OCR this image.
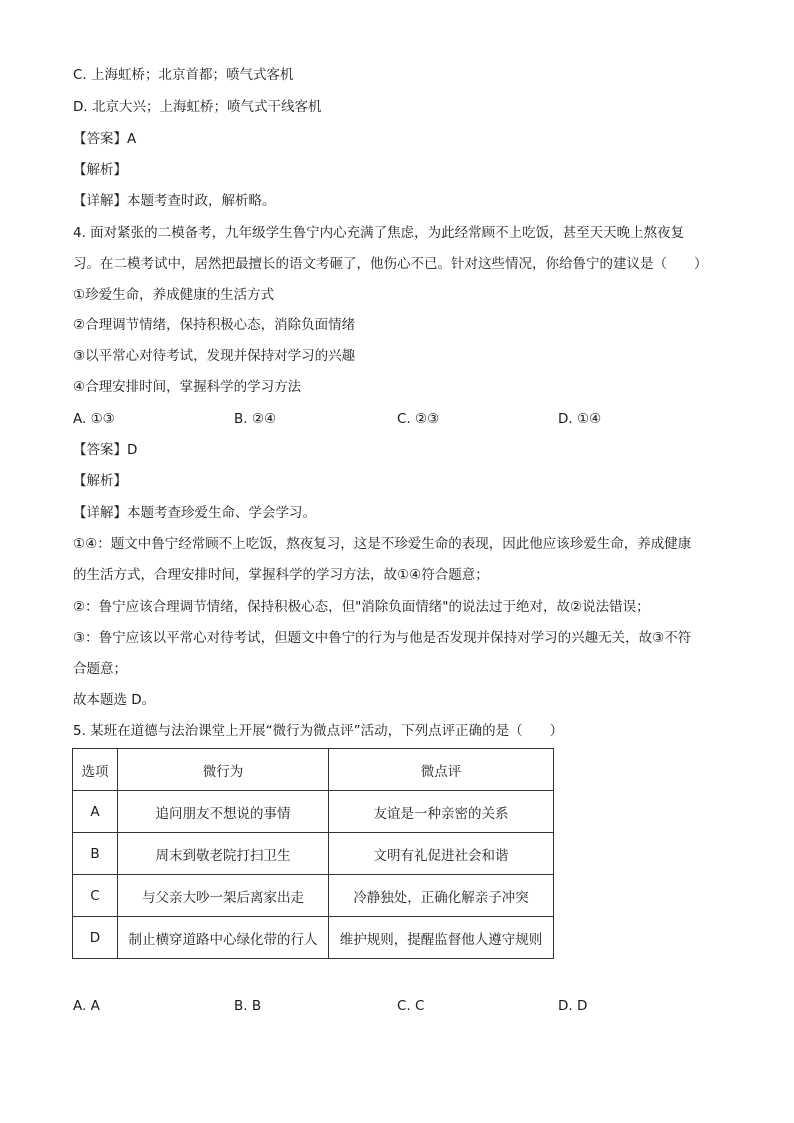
C. 上海虹桥；北京首都；喷气式客机
D. 北京大兴；上海虹桥；喷气式干线客机
【答案】A
【解析】
【详解】本题考查时政，解析略。
4. 面对紧张的二模备考，九年级学生鲁宁内心充满了焦虑，为此经常顾不上吃饭，甚至天天晚上熬夜复
习。在二模考试中，居然把最擅长的语文考砸了，他伤心不已。针对这些情况，你给鲁宁的建议是（　　）
①珍爱生命，养成健康的生活方式
②合理调节情绪，保持积极心态，消除负面情绪
③以平常心对待考试，发现并保持对学习的兴趣
④合理安排时间，掌握科学的学习方法
A. ①③	B. ②④	C. ②③	D. ①④
【答案】D
【解析】
【详解】本题考查珍爱生命、学会学习。
①④：题文中鲁宁经常顾不上吃饭，熬夜复习，这是不珍爱生命的表现，因此他应该珍爱生命，养成健康
的生活方式，合理安排时间，掌握科学的学习方法，故①④符合题意；
②：鲁宁应该合理调节情绪，保持积极心态，但"消除负面情绪"的说法过于绝对，故②说法错误；
③：鲁宁应该以平常心对待考试，但题文中鲁宁的行为与他是否发现并保持对学习的兴趣无关，故③不符
合题意；
故本题选 D。
5. 某班在道德与法治课堂上开展“微行为微点评”活动，下列点评正确的是（　　）
选项	微行为	微点评
A	追问朋友不想说的事情	友谊是一种亲密的关系
B	周末到敬老院打扫卫生	文明有礼促进社会和谐
C	与父亲大吵一架后离家出走	冷静独处，正确化解亲子冲突
D	制止横穿道路中心绿化带的行人	维护规则，提醒监督他人遵守规则
A. A	B. B	C. C	D. D
